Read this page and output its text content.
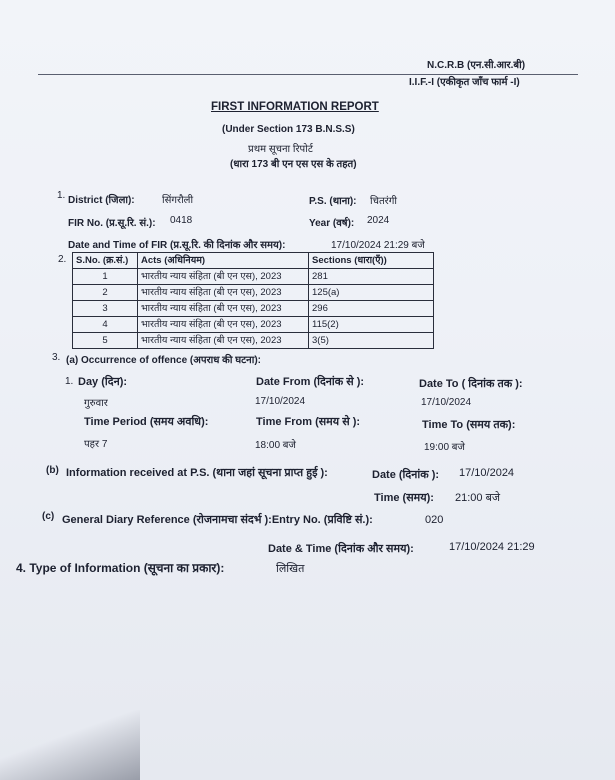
N.C.R.B (एन.सी.आर.बी)
I.I.F.-I (एकीकृत जाँच फार्म -I)
FIRST INFORMATION REPORT
(Under Section 173 B.N.S.S)
प्रथम सूचना रिपोर्ट
(धारा 173 बी एन एस एस के तहत)
1. District (जिला):	सिंगरौली	P.S. (थाना): चितरंगी
FIR No. (प्र.सू.रि. सं.): 0418	Year (वर्ष): 2024
Date and Time of FIR (प्र.सू.रि. की दिनांक और समय):	17/10/2024 21:29 बजे
2. S.No. (क्र.सं.)	Acts (अधिनियम)	Sections (धारा(एँ))
1	भारतीय न्याय संहिता (बी एन एस), 2023	281
2	भारतीय न्याय संहिता (बी एन एस), 2023	125(a)
3	भारतीय न्याय संहिता (बी एन एस), 2023	296
4	भारतीय न्याय संहिता (बी एन एस), 2023	115(2)
5	भारतीय न्याय संहिता (बी एन एस), 2023	3(5)
3. (a) Occurrence of offence (अपराध की घटना):
1. Day (दिन):
गुरुवार
Date From (दिनांक से ):
17/10/2024
Date To ( दिनांक तक ):
17/10/2024
Time Period (समय अवधि):
पहर 7
Time From (समय से ):
18:00 बजे
Time To (समय तक):
19:00 बजे
(b) Information received at P.S. (थाना जहां सूचना प्राप्त हुई ):	Date (दिनांक ): 17/10/2024
Time (समय): 21:00 बजे
(c) General Diary Reference (रोजनामचा संदर्भ ):Entry No. (प्रविष्टि सं.):	020
Date & Time (दिनांक और समय):	17/10/2024 21:29
4. Type of Information (सूचना का प्रकार):	लिखित
